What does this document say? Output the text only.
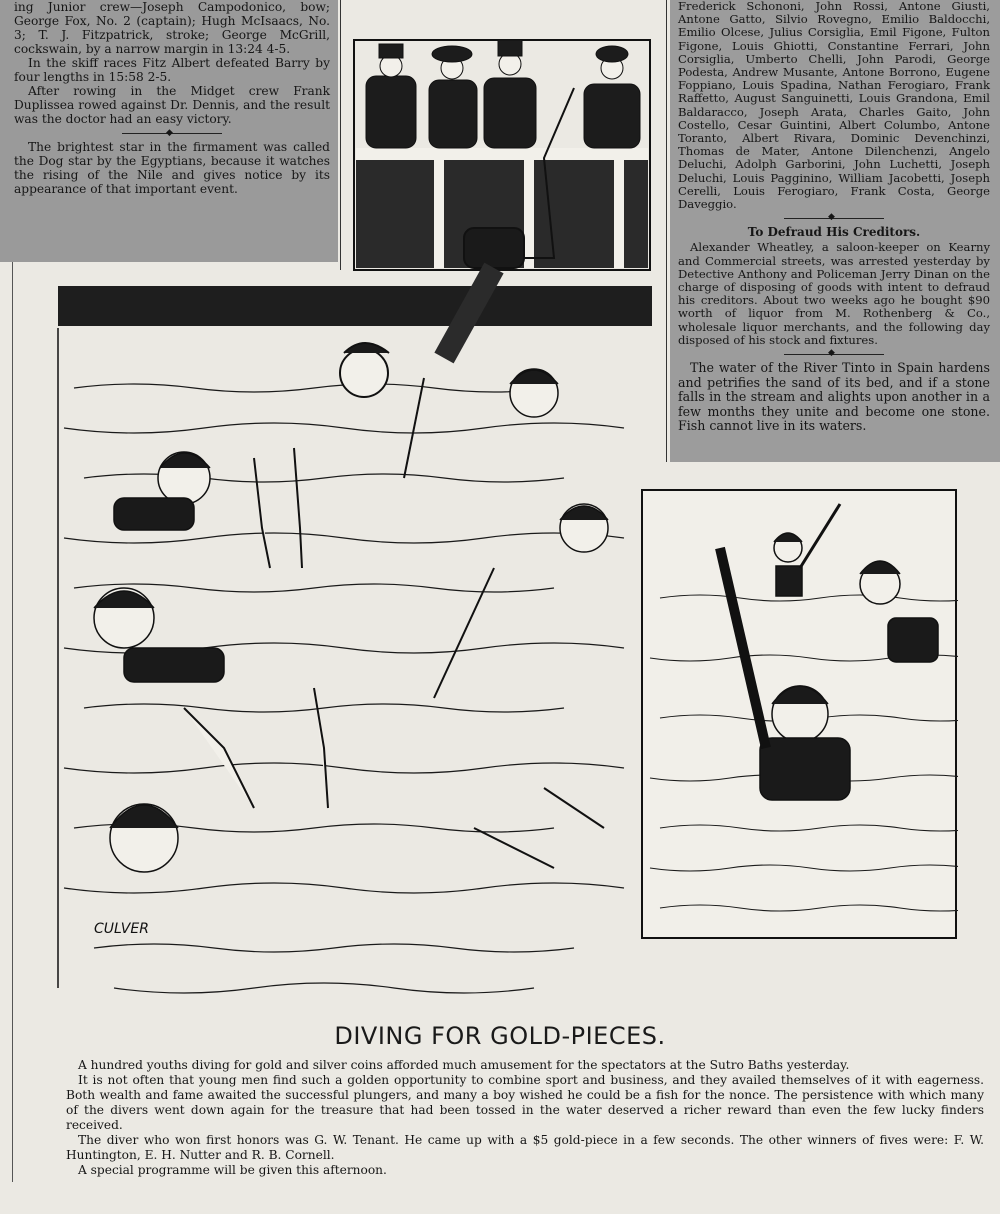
ing Junior crew—Joseph Campodonico, bow; George Fox, No. 2 (captain); Hugh McIsaacs, No. 3; T. J. Fitzpatrick, stroke; George McGrill, cockswain, by a narrow margin in 13:24 4-5.

In the skiff races Fitz Albert defeated Barry by four lengths in 15:58 2-5.

After rowing in the Midget crew Frank Duplissea rowed against Dr. Dennis, and the result was the doctor had an easy victory.

◆

The brightest star in the firmament was called the Dog star by the Egyptians, because it watches the rising of the Nile and gives notice by its appearance of that important event.

Frederick Schononi, John Rossi, Antone Giusti, Antone Gatto, Silvio Rovegno, Emilio Baldocchi, Emilio Olcese, Julius Corsiglia, Emil Figone, Fulton Figone, Louis Ghiotti, Constantine Ferrari, John Corsiglia, Umberto Chelli, John Parodi, George Podesta, Andrew Musante, Antone Borrono, Eugene Foppiano, Louis Spadina, Nathan Ferogiaro, Frank Raffetto, August Sanguinetti, Louis Grandona, Emil Baldaracco, Joseph Arata, Charles Gaito, John Costello, Cesar Guintini, Albert Columbo, Antone Toranto, Albert Rivara, Dominic Devenchinzi, Thomas de Mater, Antone Dilenchenzi, Angelo Deluchi, Adolph Garborini, John Luchetti, Joseph Deluchi, Louis Pagginino, William Jacobetti, Joseph Cerelli, Louis Ferogiaro, Frank Costa, George Daveggio.

◆
To Defraud His Creditors.

Alexander Wheatley, a saloon-keeper on Kearny and Commercial streets, was arrested yesterday by Detective Anthony and Policeman Jerry Dinan on the charge of disposing of goods with intent to defraud his creditors. About two weeks ago he bought $90 worth of liquor from M. Rothenberg & Co., wholesale liquor merchants, and the following day disposed of his stock and fixtures.

◆

The water of the River Tinto in Spain hardens and petrifies the sand of its bed, and if a stone falls in the stream and alights upon another in a few months they unite and become one stone. Fish cannot live in its waters.

CULVER
DIVING FOR GOLD-PIECES.

A hundred youths diving for gold and silver coins afforded much amusement for the spectators at the Sutro Baths yesterday.

It is not often that young men find such a golden opportunity to combine sport and business, and they availed themselves of it with eagerness. Both wealth and fame awaited the successful plungers, and many a boy wished he could be a fish for the nonce. The persistence with which many of the divers went down again for the treasure that had been tossed in the water deserved a richer reward than even the few lucky finders received.

The diver who won first honors was G. W. Tenant. He came up with a $5 gold-piece in a few seconds. The other winners of fives were: F. W. Huntington, E. H. Nutter and R. B. Cornell.

A special programme will be given this afternoon.
